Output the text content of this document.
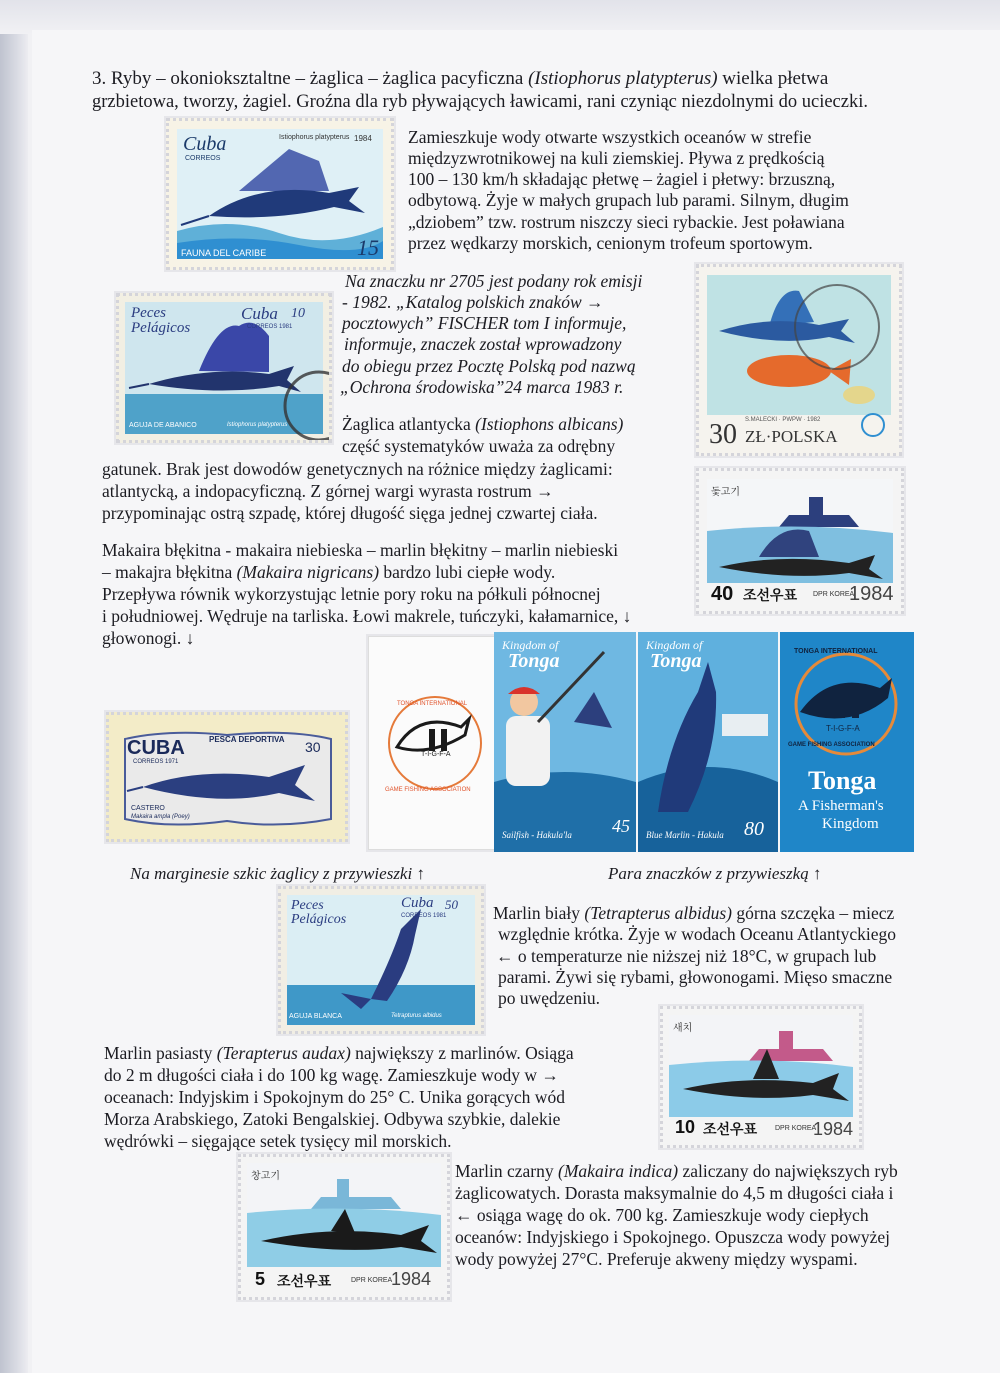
3. Ryby – okonioksztaltne – żaglica – żaglica pacyficzna (Istiophorus platypterus) wielka płetwa

grzbietowa, tworzy, żagiel. Groźna dla ryb pływających ławicami, rani czyniąc niezdolnymi do ucieczki.

Zamieszkuje wody otwarte wszystkich oceanów w strefie

międzyzwrotnikowej na kuli ziemskiej. Pływa z prędkością

100 – 130 km/h składając płetwę – żagiel i płetwy: brzuszną,

odbytową. Żyje w małych grupach lub parami. Silnym, długim

„dziobem” tzw. rostrum niszczy sieci rybackie. Jest poławiana

przez wędkarzy morskich, cenionym trofeum sportowym.

Na znaczku nr 2705 jest podany rok emisji

- 1982. „Katalog polskich znaków →

pocztowych” FISCHER tom I informuje,

informuje, znaczek został wprowadzony

do obiegu przez Pocztę Polską pod nazwą

„Ochrona środowiska”24 marca 1983 r.

Żaglica atlantycka (Istiophons albicans)

część systematyków uważa za odrębny

gatunek. Brak jest dowodów genetycznych na różnice między żaglicami:

atlantycką, a indopacyficzną. Z górnej wargi wyrasta rostrum →

przypominając ostrą szpadę, której długość sięga jednej czwartej ciała.

Makaira błękitna - makaira niebieska – marlin błękitny – marlin niebieski

– makajra błękitna (Makaira nigricans) bardzo lubi ciepłe wody.

Przepływa równik wykorzystując letnie pory roku na półkuli północnej

i południowej. Wędruje na tarliska. Łowi makrele, tuńczyki, kałamarnice, ↓

głowonogi. ↓

Na marginesie szkic żaglicy z przywieszki ↑	Para znaczków z przywieszką ↑

Marlin biały (Tetrapterus albidus) górna szczęka – miecz

względnie krótka. Żyje w wodach Oceanu Atlantyckiego

← o temperaturze nie niższej niż 18°C, w grupach lub

parami. Żywi się rybami, głowonogami. Mięso smaczne

po uwędzeniu.

Marlin pasiasty (Terapterus audax) największy z marlinów. Osiąga

do 2 m długości ciała i do 100 kg wagę. Zamieszkuje wody w →

oceanach: Indyjskim i Spokojnym do 25° C. Unika gorących wód

Morza Arabskiego, Zatoki Bengalskiej. Odbywa szybkie, dalekie

wędrówki – sięgające setek tysięcy mil morskich.

Marlin czarny (Makaira indica) zaliczany do największych ryb

żaglicowatych. Dorasta maksymalnie do 4,5 m długości ciała i

← osiąga wagę do ok. 700 kg. Zamieszkuje wody ciepłych

oceanów: Indyjskiego i Spokojnego. Opuszcza wody powyżej

wody powyżej 27°C. Preferuje akweny między wyspami.

Cuba
CORREOS
Istiophorus platypterus 1984
FAUNA DEL CARIBE	15
Peces Pelágicos
Cuba 10
CORREOS 1981
AGUJA DE ABANICO	Istiophorus platypterus	30 ZŁ·POLSKA
S.MALECKI · PWPW · 1982
돛고기
40 조선우표 DPR KOREA
1984
TONGA INTERNATIONAL
T-I-G-F-A
GAME FISHING ASSOCIATION
Kingdom of
Tonga
Sailfish - Hakula'la 45
Kingdom of
Tonga
Blue Marlin - Hakula 80
TONGA INTERNATIONAL
T-I-G-F-A
GAME FISHING ASSOCIATION
Tonga
A Fisherman's
Kingdom
CUBA
CORREOS 1971
PESCA DEPORTIVA 30
CASTERO
Makaira ampla (Poey)
Peces Pelágicos
Cuba 50
CORREOS 1981
AGUJA BLANCA	Tetrapturus albidus
새치
10 조선우표	DPR KOREA
1984
창고기
5 조선우표	DPR KOREA
1984
